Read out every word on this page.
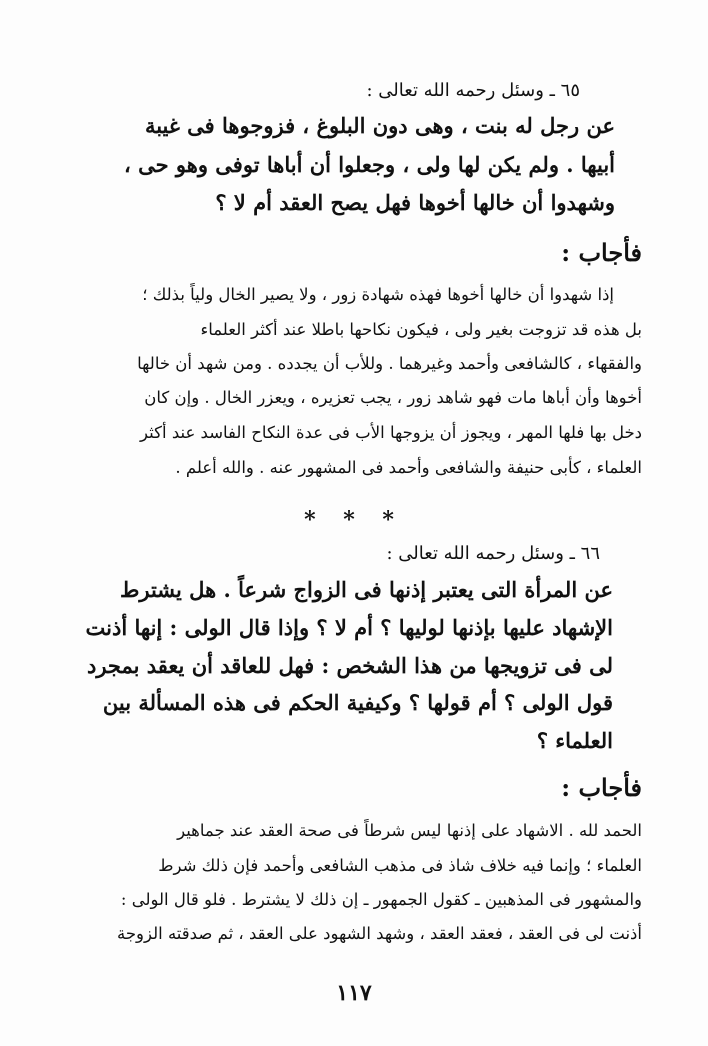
٦٥ ـ وسئل رحمه الله تعالى :
عن رجل له بنت ، وهى دون البلوغ ، فزوجوها فى غيبة
أبيها . ولم يكن لها ولى ، وجعلوا أن أباها توفى وهو حى ،
وشهدوا أن خالها أخوها فهل يصح العقد أم لا ؟
فأجاب :
إذا شهدوا أن خالها أخوها فهذه شهادة زور ، ولا يصير الخال ولياً بذلك ؛
بل هذه قد تزوجت بغير ولى ، فيكون نكاحها باطلا عند أكثر العلماء
والفقهاء ، كالشافعى وأحمد وغيرهما . وللأب أن يجدده . ومن شهد أن خالها
أخوها وأن أباها مات فهو شاهد زور ، يجب تعزيره ، ويعزر الخال . وإن كان
دخل بها فلها المهر ، ويجوز أن يزوجها الأب فى عدة النكاح الفاسد عند أكثر
العلماء ، كأبى حنيفة والشافعى وأحمد فى المشهور عنه . والله أعلم .
* * *
٦٦ ـ وسئل رحمه الله تعالى :
عن المرأة التى يعتبر إذنها فى الزواج شرعاً . هل يشترط
الإشهاد عليها بإذنها لوليها ؟ أم لا ؟ وإذا قال الولى : إنها أذنت
لى فى تزويجها من هذا الشخص : فهل للعاقد أن يعقد بمجرد
قول الولى ؟ أم قولها ؟ وكيفية الحكم فى هذه المسألة بين
العلماء ؟
فأجاب :
الحمد لله . الاشهاد على إذنها ليس شرطاً فى صحة العقد عند جماهير
العلماء ؛ وإنما فيه خلاف شاذ فى مذهب الشافعى وأحمد فإن ذلك شرط
والمشهور فى المذهبين ـ كقول الجمهور ـ إن ذلك لا يشترط . فلو قال الولى :
أذنت لى فى العقد ، فعقد العقد ، وشهد الشهود على العقد ، ثم صدقته الزوجة
١١٧
